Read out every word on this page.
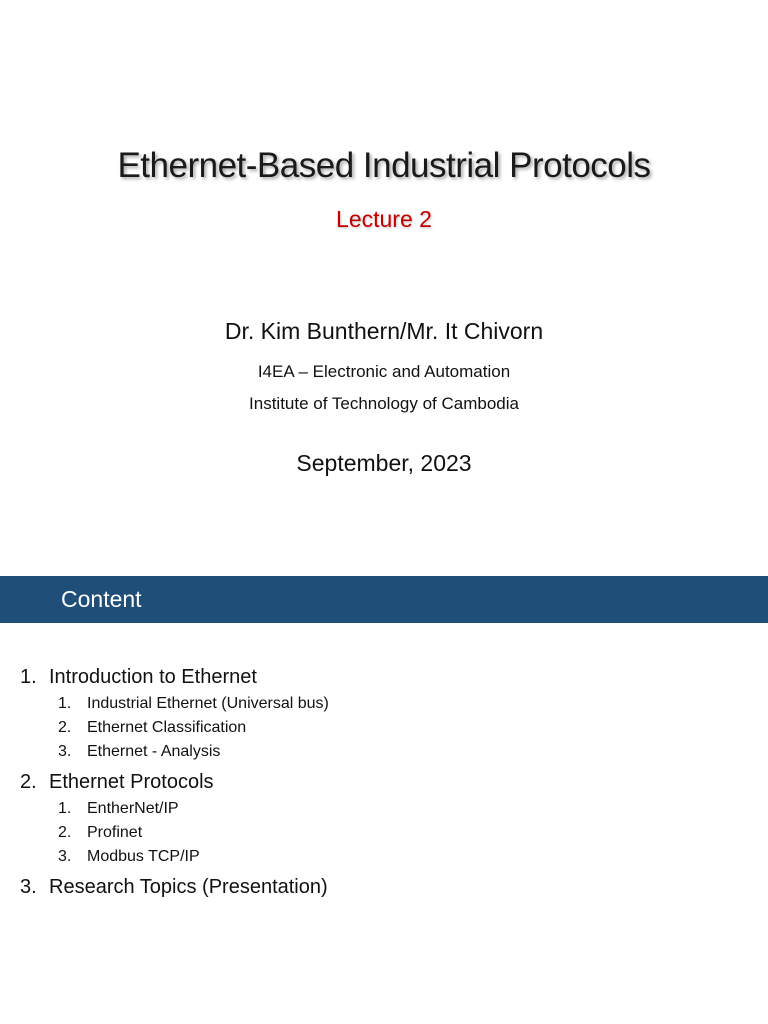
Ethernet-Based Industrial Protocols
Lecture 2
Dr. Kim Bunthern/Mr. It Chivorn
I4EA – Electronic and Automation
Institute of Technology of Cambodia
September, 2023
Content
1. Introduction to Ethernet
1. Industrial Ethernet (Universal bus)
2. Ethernet Classification
3. Ethernet - Analysis
2. Ethernet Protocols
1. EntherNet/IP
2. Profinet
3. Modbus TCP/IP
3. Research Topics (Presentation)
